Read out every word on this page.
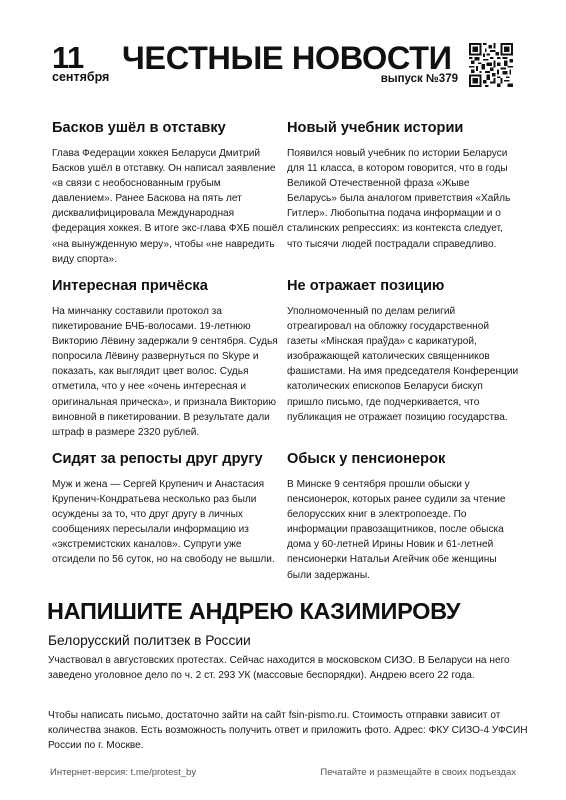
11
сентября
ЧЕСТНЫЕ НОВОСТИ
выпуск №379
Басков ушёл в отставку

Глава Федерации хоккея Беларуси Дмитрий Басков ушёл в отставку. Он написал заявление «в связи с необоснованным грубым давлением». Ранее Баскова на пять лет дисквалифицировала Международная федерация хоккея. В итоге экс-глава ФХБ пошёл «на вынужденную меру», чтобы «не навредить виду спорта».

Новый учебник истории

Появился новый учебник по истории Беларуси для 11 класса, в котором говорится, что в годы Великой Отечественной фраза «Жыве Беларусь» была аналогом приветствия «Хайль Гитлер». Любопытна подача информации и о сталинских репрессиях: из контекста следует, что тысячи людей пострадали справедливо.

Интересная причёска

На минчанку составили протокол за пикетирование БЧБ-волосами. 19-летнюю Викторию Лёвину задержали 9 сентября. Судья попросила Лёвину развернуться по Skype и показать, как выглядит цвет волос. Судья отметила, что у нее «очень интересная и оригинальная прическа», и признала Викторию виновной в пикетировании. В результате дали штраф в размере 2320 рублей.

Не отражает позицию

Уполномоченный по делам религий отреагировал на обложку государственной газеты «Мінская праўда» с карикатурой, изображающей католических священников фашистами. На имя председателя Конференции католических епископов Беларуси бискуп пришло письмо, где подчеркивается, что публикация не отражает позицию государства.

Сидят за репосты друг другу

Муж и жена — Сергей Крупенич и Анастасия Крупенич-Кондратьева несколько раз были осуждены за то, что друг другу в личных сообщениях пересылали информацию из «экстремистских каналов». Супруги уже отсидели по 56 суток, но на свободу не вышли.

Обыск у пенсионерок

В Минске 9 сентября прошли обыски у пенсионерок, которых ранее судили за чтение белорусских книг в электропоезде. По информации правозащитников, после обыска дома у 60-летней Ирины Новик и 61-летней пенсионерки Натальи Агейчик обе женщины были задержаны.

НАПИШИТЕ АНДРЕЮ КАЗИМИРОВУ
Белорусский политзек в России

Участвовал в августовских протестах. Сейчас находится в московском СИЗО. В Беларуси на него заведено уголовное дело по ч. 2 ст. 293 УК (массовые беспорядки). Андрею всего 22 года.

Чтобы написать письмо, достаточно зайти на сайт fsin-pismo.ru. Стоимость отправки зависит от количества знаков. Есть возможность получить ответ и приложить фото. Адрес: ФКУ СИЗО-4 УФСИН России по г. Москве.

Интернет-версия: t.me/protest_by	Печатайте и размещайте в своих подъездах
